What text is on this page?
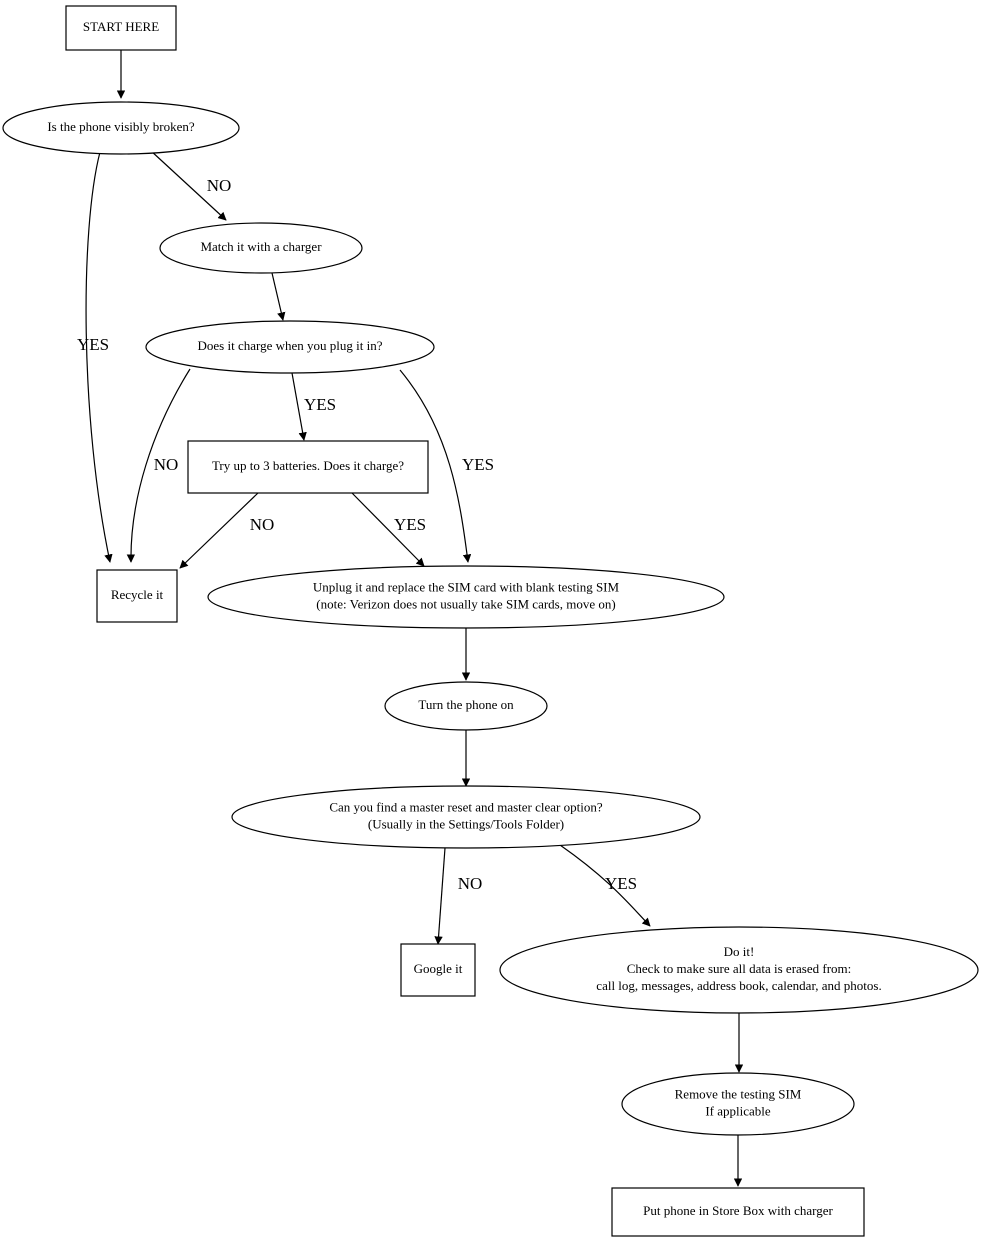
START HERE
Is the phone visibly broken?
Match it with a charger
Does it charge when you plug it in?
Try up to 3 batteries. Does it charge?
Recycle it	Unplug it and replace the SIM card with blank testing SIM
(note: Verizon does not usually take SIM cards, move on)
Turn the phone on
Can you find a master reset and master clear option?
(Usually in the Settings/Tools Folder)
Google it
Do it!
Check to make sure all data is erased from:
call log, messages, address book, calendar, and photos.
Remove the testing SIM
If applicable
Put phone in Store Box with charger
YES
NO
YES
NO	YES
NO	YES
NO	YES
